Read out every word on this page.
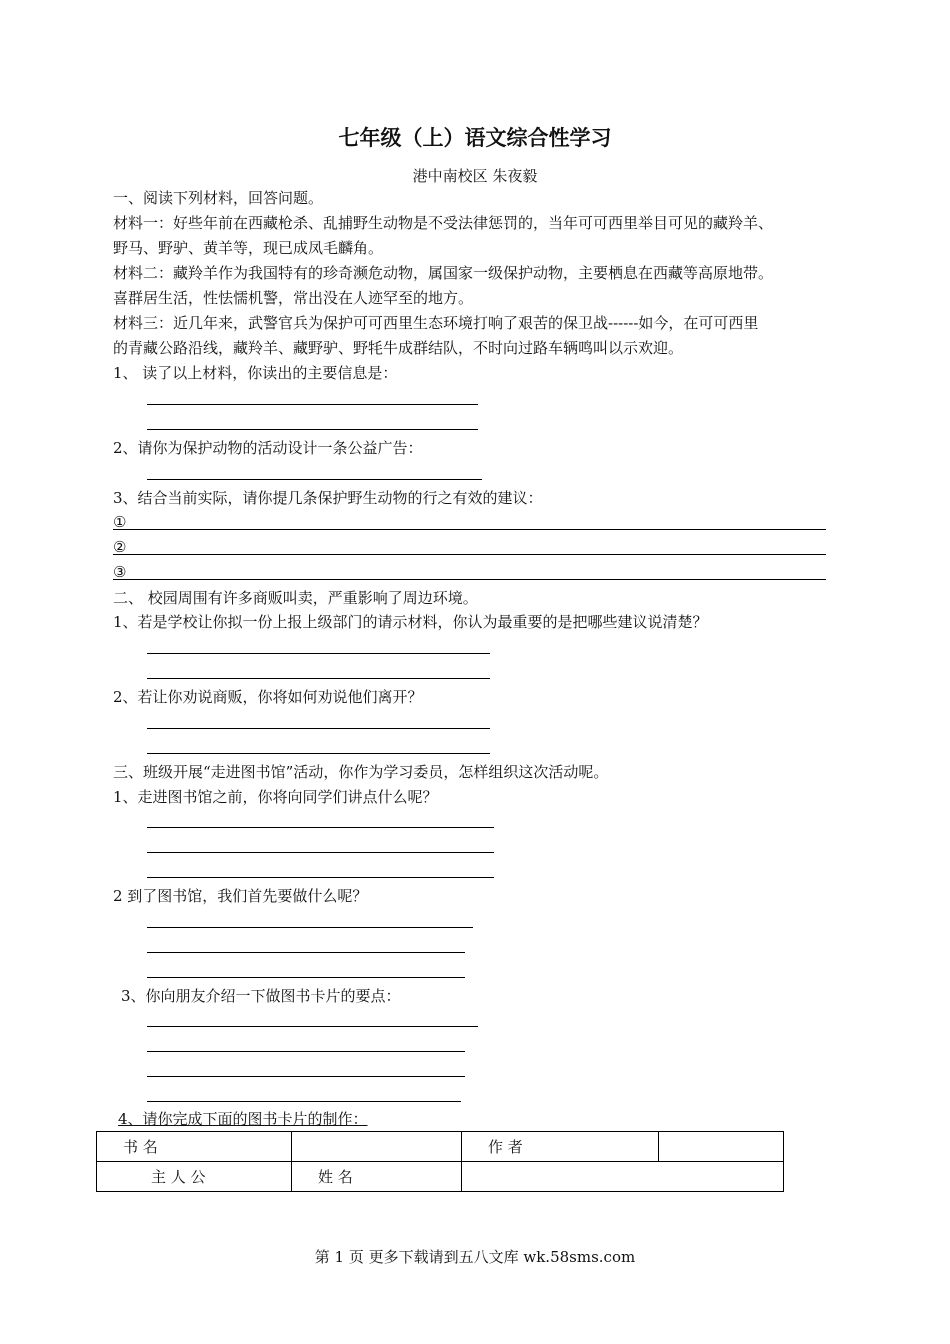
七年级（上）语文综合性学习
港中南校区 朱夜毅
一、阅读下列材料，回答问题。
材料一：好些年前在西藏枪杀、乱捕野生动物是不受法律惩罚的，当年可可西里举目可见的藏羚羊、
野马、野驴、黄羊等，现已成凤毛麟角。
材料二：藏羚羊作为我国特有的珍奇濒危动物，属国家一级保护动物，主要栖息在西藏等高原地带。
喜群居生活，性怯懦机警，常出没在人迹罕至的地方。
材料三：近几年来，武警官兵为保护可可西里生态环境打响了艰苦的保卫战------如今，在可可西里
的青藏公路沿线，藏羚羊、藏野驴、野牦牛成群结队，不时向过路车辆鸣叫以示欢迎。
1、 读了以上材料，你读出的主要信息是：
2、请你为保护动物的活动设计一条公益广告：
3、结合当前实际，请你提几条保护野生动物的行之有效的建议：
①
②
③
二、 校园周围有许多商贩叫卖，严重影响了周边环境。
1、若是学校让你拟一份上报上级部门的请示材料，你认为最重要的是把哪些建议说清楚？
2、若让你劝说商贩，你将如何劝说他们离开？
三、班级开展“走进图书馆”活动，你作为学习委员，怎样组织这次活动呢。
1、走进图书馆之前，你将向同学们讲点什么呢？
2 到了图书馆，我们首先要做什么呢？
3、你向朋友介绍一下做图书卡片的要点：
4、请你完成下面的图书卡片的制作：
书 名		作 者	
主 人 公	姓 名		
第 1 页 更多下载请到五八文库 wk.58sms.com
